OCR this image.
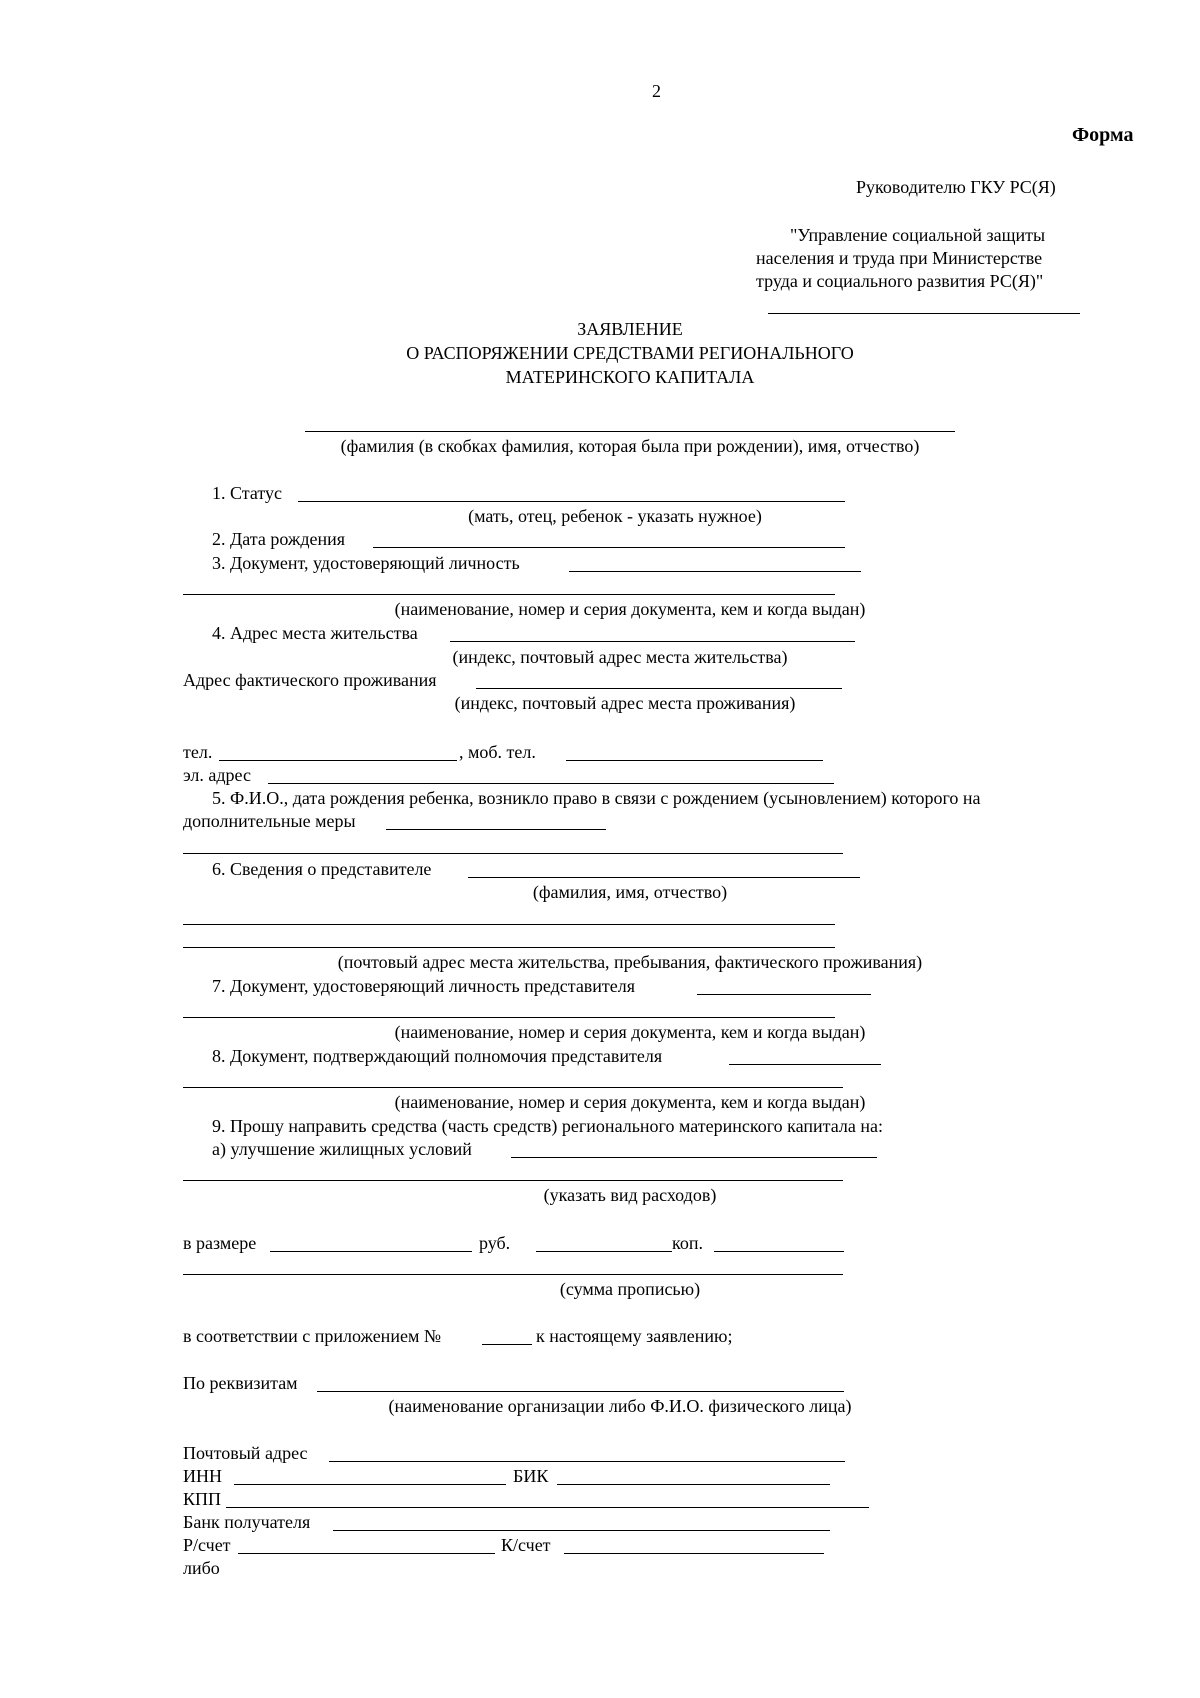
2
Форма
Руководителю ГКУ РС(Я)
"Управление социальной защиты
населения и труда при Министерстве
труда и социального развития РС(Я)"
ЗАЯВЛЕНИЕ
О РАСПОРЯЖЕНИИ СРЕДСТВАМИ РЕГИОНАЛЬНОГО
МАТЕРИНСКОГО КАПИТАЛА
(фамилия (в скобках фамилия, которая была при рождении), имя, отчество)
1. Статус
(мать, отец, ребенок - указать нужное)
2. Дата рождения
3. Документ, удостоверяющий личность
(наименование, номер и серия документа, кем и когда выдан)
4. Адрес места жительства
(индекс, почтовый адрес места жительства)
Адрес фактического проживания
(индекс, почтовый адрес места проживания)
тел.	, моб. тел.
эл. адрес
5. Ф.И.О., дата рождения ребенка, возникло право в связи с рождением (усыновлением) которого на
дополнительные меры
6. Сведения о представителе
(фамилия, имя, отчество)
(почтовый адрес места жительства, пребывания, фактического проживания)
7. Документ, удостоверяющий личность представителя
(наименование, номер и серия документа, кем и когда выдан)
8. Документ, подтверждающий полномочия представителя
(наименование, номер и серия документа, кем и когда выдан)
9. Прошу направить средства (часть средств) регионального материнского капитала на:
а) улучшение жилищных условий
(указать вид расходов)
в размере	руб.	коп.
(сумма прописью)
в соответствии с приложением №	к настоящему заявлению;
По реквизитам
(наименование организации либо Ф.И.О. физического лица)
Почтовый адрес
ИНН	БИК
КПП
Банк получателя
Р/счет	К/счет
либо
